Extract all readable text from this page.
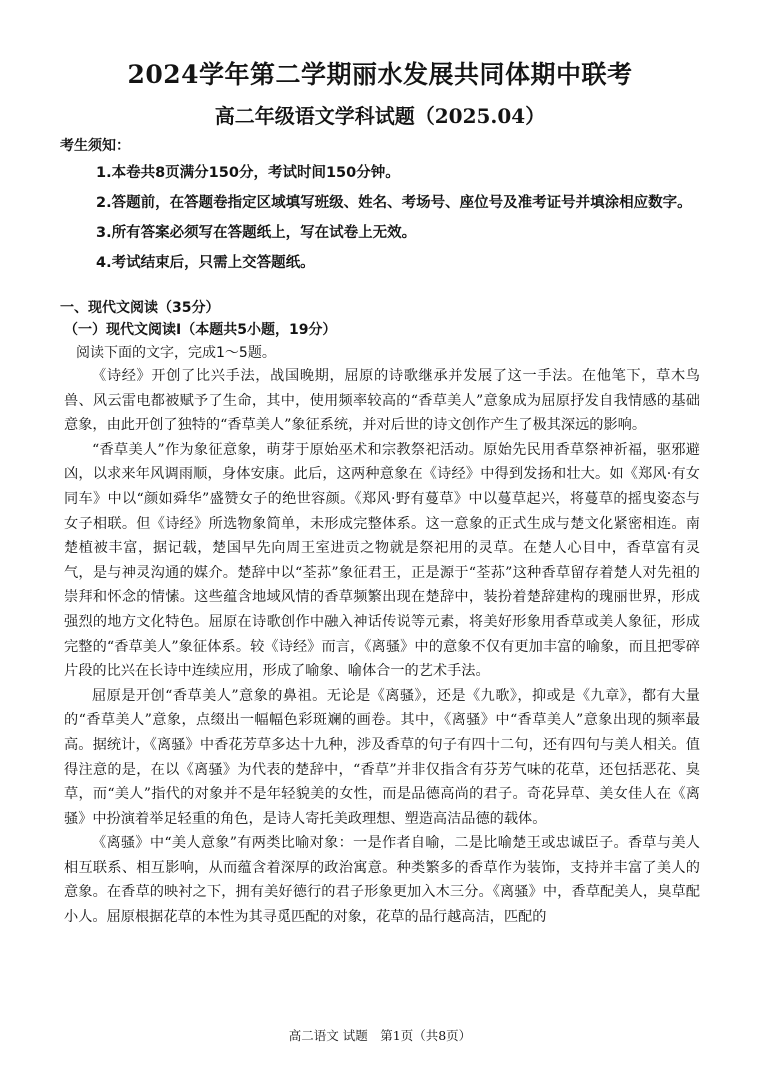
2024学年第二学期丽水发展共同体期中联考
高二年级语文学科试题（2025.04）
考生须知：

1.本卷共8页满分150分，考试时间150分钟。

2.答题前，在答题卷指定区域填写班级、姓名、考场号、座位号及准考证号并填涂相应数字。

3.所有答案必须写在答题纸上，写在试卷上无效。

4.考试结束后，只需上交答题纸。

一、现代文阅读（35分）
（一）现代文阅读Ⅰ（本题共5小题，19分）
阅读下面的文字，完成1～5题。

《诗经》开创了比兴手法，战国晚期，屈原的诗歌继承并发展了这一手法。在他笔下，草木鸟兽、风云雷电都被赋予了生命，其中，使用频率较高的“香草美人”意象成为屈原抒发自我情感的基础意象，由此开创了独特的“香草美人”象征系统，并对后世的诗文创作产生了极其深远的影响。

“香草美人”作为象征意象，萌芽于原始巫术和宗教祭祀活动。原始先民用香草祭神祈福，驱邪避凶，以求来年风调雨顺，身体安康。此后，这两种意象在《诗经》中得到发扬和壮大。如《郑风·有女同车》中以“颜如舜华”盛赞女子的绝世容颜。《郑风·野有蔓草》中以蔓草起兴，将蔓草的摇曳姿态与女子相联。但《诗经》所选物象简单，未形成完整体系。这一意象的正式生成与楚文化紧密相连。南楚植被丰富，据记载，楚国早先向周王室进贡之物就是祭祀用的灵草。在楚人心目中，香草富有灵气，是与神灵沟通的媒介。楚辞中以“荃荪”象征君王，正是源于“荃荪”这种香草留存着楚人对先祖的崇拜和怀念的情愫。这些蕴含地域风情的香草频繁出现在楚辞中，装扮着楚辞建构的瑰丽世界，形成强烈的地方文化特色。屈原在诗歌创作中融入神话传说等元素，将美好形象用香草或美人象征，形成完整的“香草美人”象征体系。较《诗经》而言，《离骚》中的意象不仅有更加丰富的喻象，而且把零碎片段的比兴在长诗中连续应用，形成了喻象、喻体合一的艺术手法。

屈原是开创“香草美人”意象的鼻祖。无论是《离骚》，还是《九歌》，抑或是《九章》，都有大量的“香草美人”意象，点缀出一幅幅色彩斑斓的画卷。其中，《离骚》中“香草美人”意象出现的频率最高。据统计，《离骚》中香花芳草多达十九种，涉及香草的句子有四十二句，还有四句与美人相关。值得注意的是，在以《离骚》为代表的楚辞中，“香草”并非仅指含有芬芳气味的花草，还包括恶花、臭草，而“美人”指代的对象并不是年轻貌美的女性，而是品德高尚的君子。奇花异草、美女佳人在《离骚》中扮演着举足轻重的角色，是诗人寄托美政理想、塑造高洁品德的载体。

《离骚》中“美人意象”有两类比喻对象：一是作者自喻，二是比喻楚王或忠诚臣子。香草与美人相互联系、相互影响，从而蕴含着深厚的政治寓意。种类繁多的香草作为装饰，支持并丰富了美人的意象。在香草的映衬之下，拥有美好德行的君子形象更加入木三分。《离骚》中，香草配美人，臭草配小人。屈原根据花草的本性为其寻觅匹配的对象，花草的品行越高洁，匹配的

高二语文 试题　第1页（共8页）
